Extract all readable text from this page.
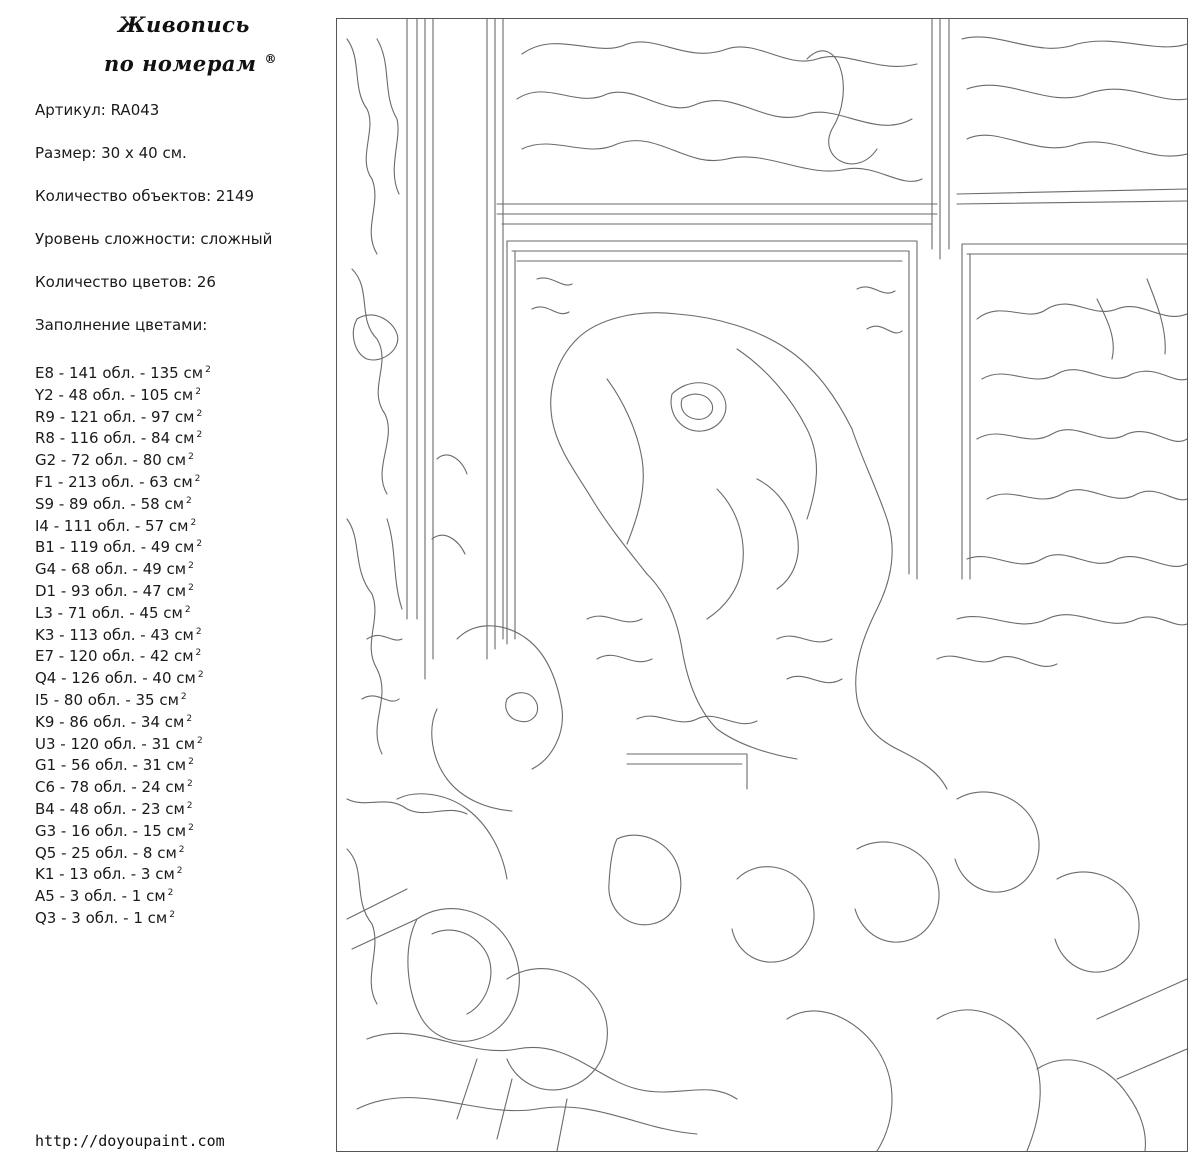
Живопись
по номерам ®
Артикул: RA043
Размер: 30 х 40 см.
Количество объектов: 2149
Уровень сложности: сложный
Количество цветов: 26
Заполнение цветами:
E8 - 141 обл. - 135 см $^2$
Y2 - 48 обл. - 105 см $^2$
R9 - 121 обл. - 97 см $^2$
R8 - 116 обл. - 84 см $^2$
G2 - 72 обл. - 80 см $^2$
F1 - 213 обл. - 63 см $^2$
S9 - 89 обл. - 58 см $^2$
I4 - 111 обл. - 57 см $^2$
B1 - 119 обл. - 49 см $^2$
G4 - 68 обл. - 49 см $^2$
D1 - 93 обл. - 47 см $^2$
L3 - 71 обл. - 45 см $^2$
K3 - 113 обл. - 43 см $^2$
E7 - 120 обл. - 42 см $^2$
Q4 - 126 обл. - 40 см $^2$
I5 - 80 обл. - 35 см $^2$
K9 - 86 обл. - 34 см $^2$
U3 - 120 обл. - 31 см $^2$
G1 - 56 обл. - 31 см $^2$
C6 - 78 обл. - 24 см $^2$
B4 - 48 обл. - 23 см $^2$
G3 - 16 обл. - 15 см $^2$
Q5 - 25 обл. - 8 см $^2$
K1 - 13 обл. - 3 см $^2$
A5 - 3 обл. - 1 см $^2$
Q3 - 3 обл. - 1 см $^2$
http://doyoupaint.com
